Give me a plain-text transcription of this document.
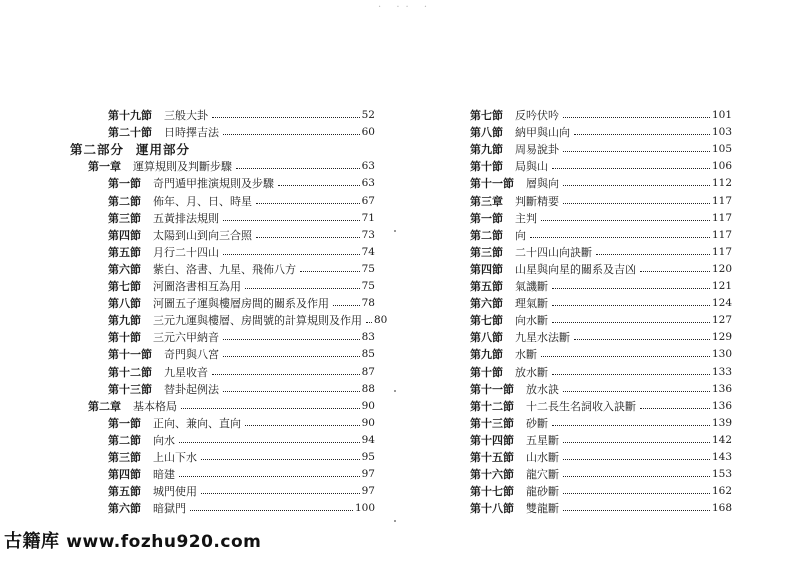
· ·· ·
第十九節 三般大卦	52
第二十節 日時擇吉法	60
第二部分 運用部分
第一章 運算規則及判斷步驟	63
第一節 奇門遁甲推演規則及步驟	63
第二節 佈年、月、日、時星	67
第三節 五黃排法規則	71
第四節 太陽到山到向三合照	73
第五節 月行二十四山	74
第六節 紫白、洛書、九星、飛佈八方	75
第七節 河圖洛書相互為用	75
第八節 河圖五子運與樓層房間的關系及作用	78
第九節 三元九運與樓層、房間號的計算規則及作用 80
第十節 三元六甲納音	83
第十一節 奇門與八宮	85
第十二節 九星收音	87
第十三節 替卦起例法	88
第二章 基本格局	90
第一節 正向、兼向、直向	90
第二節 向水	94
第三節 上山下水	95
第四節 暗建	97
第五節 城門使用	97
第六節 暗獄門	100
第七節 反吟伏吟	101
第八節 納甲與山向	103
第九節 周易說卦	105
第十節 局與山	106
第十一節 層與向	112
第三章 判斷精要	117
第一節 主判	117
第二節 向	117
第三節 二十四山向訣斷	117
第四節 山星與向星的關系及吉凶	120
第五節 氣譏斷	121
第六節 理氣斷	124
第七節 向水斷	127
第八節 九星水法斷	129
第九節 水斷	130
第十節 放水斷	133
第十一節 放水訣	136
第十二節 十二長生名詞收入訣斷	136
第十三節 砂斷	139
第十四節 五星斷	142
第十五節 山水斷	143
第十六節 龍穴斷	153
第十七節 龍砂斷	162
第十八節 雙龍斷	168
古籍库 www.fozhu920.com
